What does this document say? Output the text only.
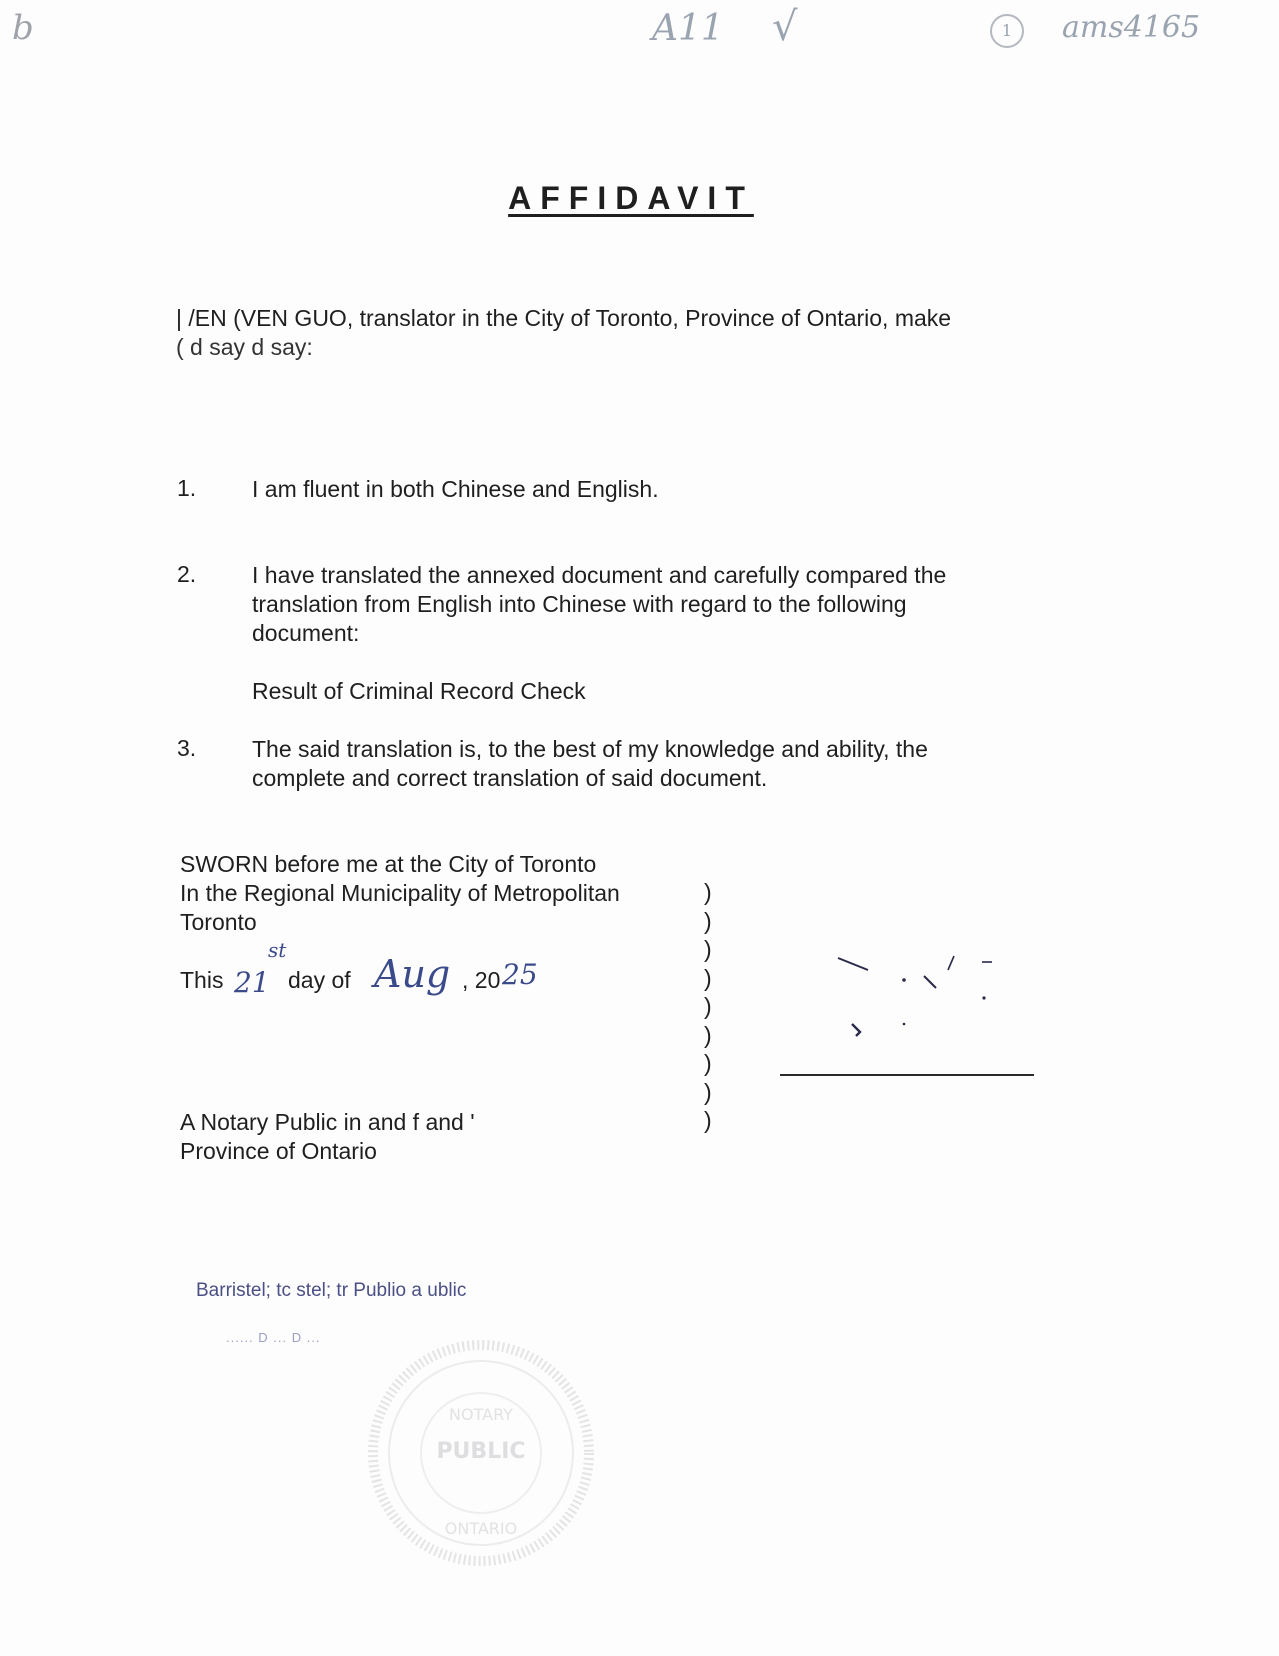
b	A11 √	1	ams4165
AFFIDAVIT
| /EN (VEN GUO, translator in the City of Toronto, Province of Ontario, make
( d say d say:
1. I am fluent in both Chinese and English.
2. I have translated the annexed document and carefully compared the
translation from English into Chinese with regard to the following
document:
Result of Criminal Record Check
3. The said translation is, to the best of my knowledge and ability, the
complete and correct translation of said document.
SWORN before me at the City of Toronto
In the Regional Municipality of Metropolitan
Toronto
This 21
st
day of Aug , 20 25
)
)
)
)
)
)
)
)
)
A Notary Public in and f and '
Province of Ontario
Barristel; tc stel; tr Publio a ublic
...... D ... D ...
NOTARY
PUBLIC
ONTARIO
